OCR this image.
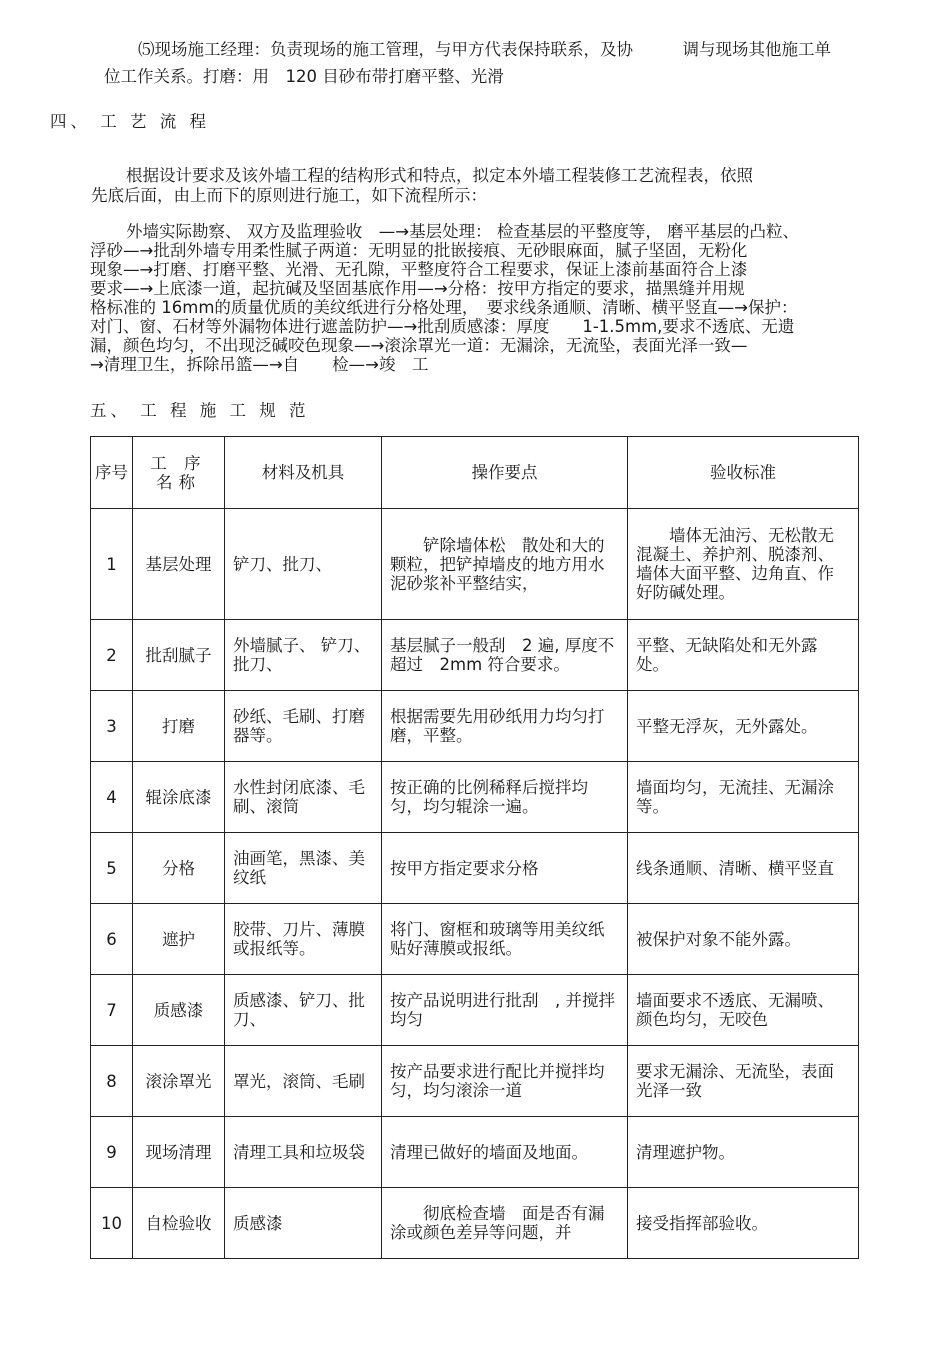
⑸现场施工经理：负责现场的施工管理，与甲方代表保持联系，及协　　　调与现场其他施工单
位工作关系。打磨：用　120 目砂布带打磨平整、光滑
四、 工 艺 流 程
根据设计要求及该外墙工程的结构形式和特点，拟定本外墙工程装修工艺流程表，依照
先底后面，由上而下的原则进行施工，如下流程所示：
外墙实际勘察、 双方及监理验收　—→基层处理： 检查基层的平整度等， 磨平基层的凸粒、
浮砂—→批刮外墙专用柔性腻子两道：无明显的批嵌接痕、无砂眼麻面，腻子坚固，无粉化
现象—→打磨、打磨平整、光滑、无孔隙，平整度符合工程要求，保证上漆前基面符合上漆
要求—→上底漆一道，起抗碱及坚固基底作用—→分格：按甲方指定的要求，描黑缝并用规
格标准的 16mm的质量优质的美纹纸进行分格处理，　要求线条通顺、清晰、横平竖直—→保护：
对门、窗、石材等外漏物体进行遮盖防护—→批刮质感漆：厚度　　1-1.5mm,要求不透底、无遗
漏，颜色均匀，不出现泛碱咬色现象—→滚涂罩光一道：无漏涂，无流坠，表面光泽一致—
→清理卫生，拆除吊篮—→自　　检—→竣　工
五、 工 程 施 工 规 范
序号	工 序 名称	材料及机具	操作要点	验收标准
1	基层处理	铲刀、批刀、	　　铲除墙体松　散处和大的颗粒，把铲掉墙皮的地方用水泥砂浆补平整结实，	　　墙体无油污、无松散无混凝土、养护剂、脱漆剂、墙体大面平整、边角直、作好防碱处理。
2	批刮腻子	外墙腻子、 铲刀、批刀、	基层腻子一般刮　2 遍, 厚度不超过　2mm 符合要求。	平整、无缺陷处和无外露处。
3	打磨	砂纸、毛刷、打磨器等。	根据需要先用砂纸用力均匀打磨，平整。	平整无浮灰，无外露处。
4	辊涂底漆	水性封闭底漆、毛刷、滚筒	按正确的比例稀释后搅拌均匀，均匀辊涂一遍。	墙面均匀，无流挂、无漏涂等。
5	分格	油画笔，黑漆、美纹纸	按甲方指定要求分格	线条通顺、清晰、横平竖直
6	遮护	胶带、刀片、薄膜或报纸等。	将门、窗框和玻璃等用美纹纸贴好薄膜或报纸。	被保护对象不能外露。
7	质感漆	质感漆、铲刀、批刀、	按产品说明进行批刮　, 并搅拌均匀	墙面要求不透底、无漏喷、颜色均匀，无咬色
8	滚涂罩光	罩光，滚筒、毛刷	按产品要求进行配比并搅拌均匀，均匀滚涂一道	要求无漏涂、无流坠，表面光泽一致
9	现场清理	清理工具和垃圾袋	清理已做好的墙面及地面。	清理遮护物。
10	自检验收	质感漆	　　彻底检查墙　面是否有漏涂或颜色差异等问题，并	接受指挥部验收。
